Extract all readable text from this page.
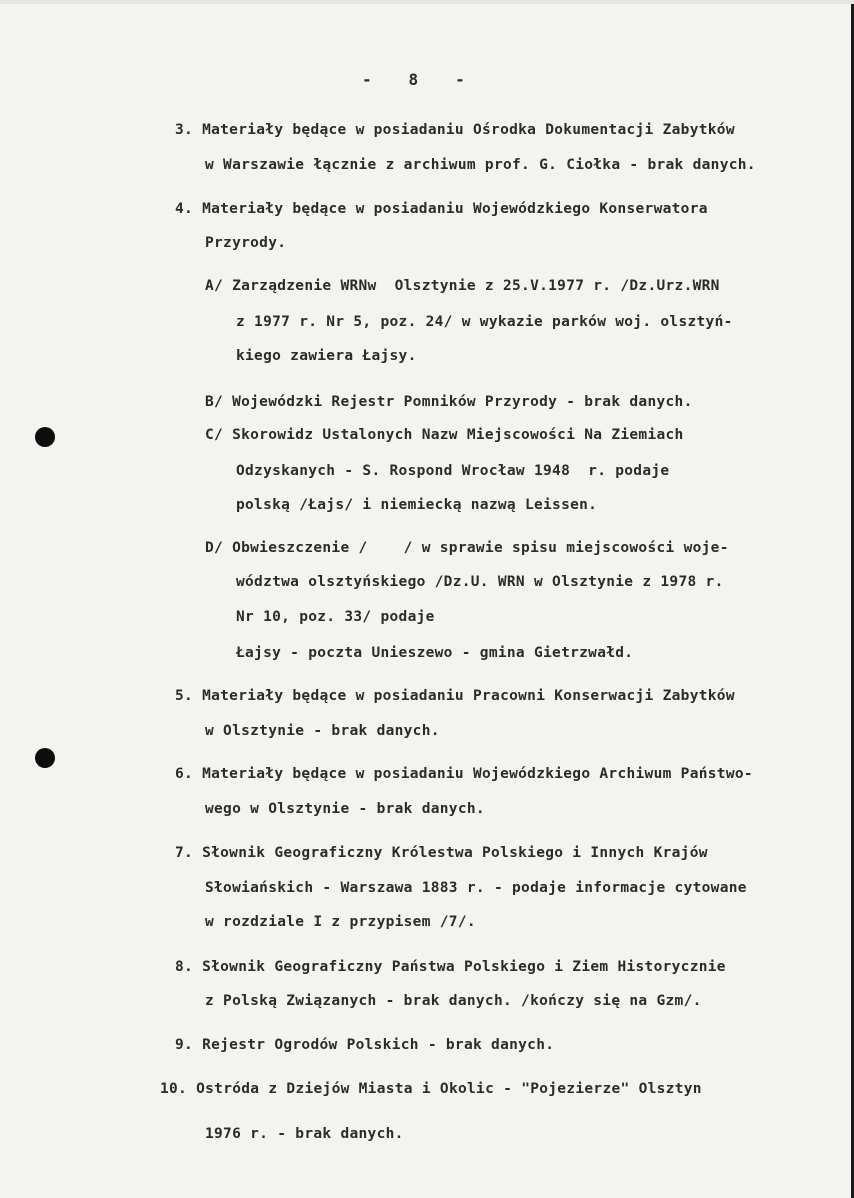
-   8   -
3. Materiały będące w posiadaniu Ośrodka Dokumentacji Zabytków
w Warszawie łącznie z archiwum prof. G. Ciołka - brak danych.
4. Materiały będące w posiadaniu Wojewódzkiego Konserwatora
Przyrody.
A/ Zarządzenie WRNw  Olsztynie z 25.V.1977 r. /Dz.Urz.WRN
z 1977 r. Nr 5, poz. 24/ w wykazie parków woj. olsztyń-
kiego zawiera Łajsy.
B/ Wojewódzki Rejestr Pomników Przyrody - brak danych.
C/ Skorowidz Ustalonych Nazw Miejscowości Na Ziemiach
Odzyskanych - S. Rospond Wrocław 1948  r. podaje
polską /Łajs/ i niemiecką nazwą Leissen.
D/ Obwieszczenie /    / w sprawie spisu miejscowości woje-
wództwa olsztyńskiego /Dz.U. WRN w Olsztynie z 1978 r.
Nr 10, poz. 33/ podaje
Łajsy - poczta Unieszewo - gmina Gietrzwałd.
5. Materiały będące w posiadaniu Pracowni Konserwacji Zabytków
w Olsztynie - brak danych.
6. Materiały będące w posiadaniu Wojewódzkiego Archiwum Państwo-
wego w Olsztynie - brak danych.
7. Słownik Geograficzny Królestwa Polskiego i Innych Krajów
Słowiańskich - Warszawa 1883 r. - podaje informacje cytowane
w rozdziale I z przypisem /7/.
8. Słownik Geograficzny Państwa Polskiego i Ziem Historycznie
z Polską Związanych - brak danych. /kończy się na Gzm/.
9. Rejestr Ogrodów Polskich - brak danych.
10. Ostróda z Dziejów Miasta i Okolic - "Pojezierze" Olsztyn
1976 r. - brak danych.
